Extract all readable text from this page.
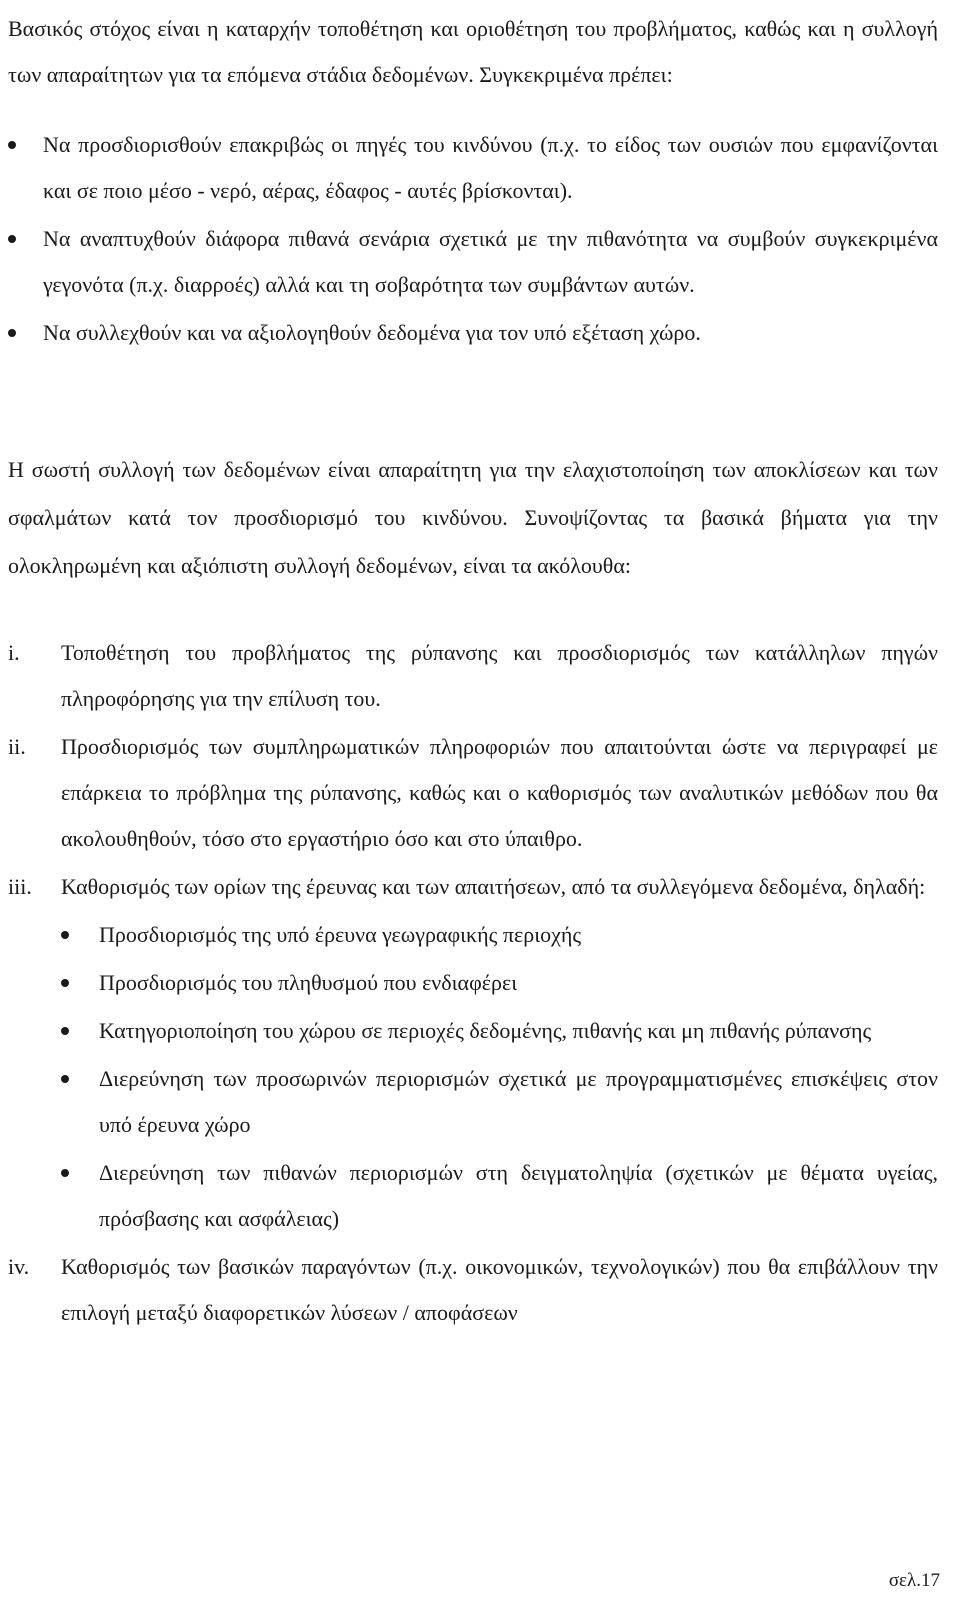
Βασικός στόχος είναι η καταρχήν τοποθέτηση και οριοθέτηση του προβλήματος, καθώς και η συλλογή των απαραίτητων για τα επόμενα στάδια δεδομένων. Συγκεκριμένα πρέπει:

Να προσδιορισθούν επακριβώς οι πηγές του κινδύνου (π.χ. το είδος των ουσιών που εμφανίζονται και σε ποιο μέσο - νερό, αέρας, έδαφος - αυτές βρίσκονται).

Να αναπτυχθούν διάφορα πιθανά σενάρια σχετικά με την πιθανότητα να συμβούν συγκεκριμένα γεγονότα (π.χ. διαρροές) αλλά και τη σοβαρότητα των συμβάντων αυτών.

Να συλλεχθούν και να αξιολογηθούν δεδομένα για τον υπό εξέταση χώρο.

Η σωστή συλλογή των δεδομένων είναι απαραίτητη για την ελαχιστοποίηση των αποκλίσεων και των σφαλμάτων κατά τον προσδιορισμό του κινδύνου. Συνοψίζοντας τα βασικά βήματα για την ολοκληρωμένη και αξιόπιστη συλλογή δεδομένων, είναι τα ακόλουθα:

i. Τοποθέτηση του προβλήματος της ρύπανσης και προσδιορισμός των κατάλληλων πηγών πληροφόρησης για την επίλυση του.

ii. Προσδιορισμός των συμπληρωματικών πληροφοριών που απαιτούνται ώστε να περιγραφεί με επάρκεια το πρόβλημα της ρύπανσης, καθώς και ο καθορισμός των αναλυτικών μεθόδων που θα ακολουθηθούν, τόσο στο εργαστήριο όσο και στο ύπαιθρο.

iii. Καθορισμός των ορίων της έρευνας και των απαιτήσεων, από τα συλλεγόμενα δεδομένα, δηλαδή:

Προσδιορισμός της υπό έρευνα γεωγραφικής περιοχής

Προσδιορισμός του πληθυσμού που ενδιαφέρει

Κατηγοριοποίηση του χώρου σε περιοχές δεδομένης, πιθανής και μη πιθανής ρύπανσης

Διερεύνηση των προσωρινών περιορισμών σχετικά με προγραμματισμένες επισκέψεις στον υπό έρευνα χώρο

Διερεύνηση των πιθανών περιορισμών στη δειγματοληψία (σχετικών με θέματα υγείας, πρόσβασης και ασφάλειας)

iv. Καθορισμός των βασικών παραγόντων (π.χ. οικονομικών, τεχνολογικών) που θα επιβάλλουν την επιλογή μεταξύ διαφορετικών λύσεων / αποφάσεων

σελ.17
